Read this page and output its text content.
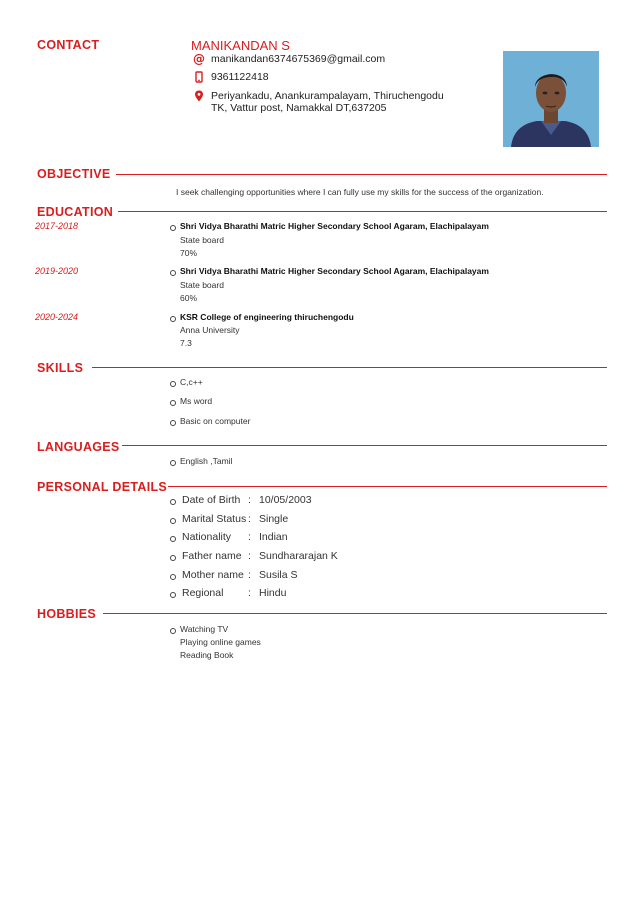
CONTACT	MANIKANDAN S
@ manikandan6374675369@gmail.com
9361122418
Periyankadu, Anankurampalayam, Thiruchengodu
TK, Vattur post, Namakkal DT,637205
OBJECTIVE
I seek challenging opportunities where I can fully use my skills for the success of the organization.
EDUCATION
2017-2018	Shri Vidya Bharathi Matric Higher Secondary School Agaram, Elachipalayam
State board
70%
2019-2020	Shri Vidya Bharathi Matric Higher Secondary School Agaram, Elachipalayam
State board
60%
2020-2024	KSR College of engineering thiruchengodu
Anna University
7.3
SKILLS
C,c++
Ms word
Basic on computer
LANGUAGES
English ,Tamil
PERSONAL DETAILS
Date of Birth : 10/05/2003
Marital Status : Single
Nationality : Indian
Father name : Sundhararajan K
Mother name : Susila S
Regional : Hindu
HOBBIES
Watching TV
Playing online games
Reading Book
